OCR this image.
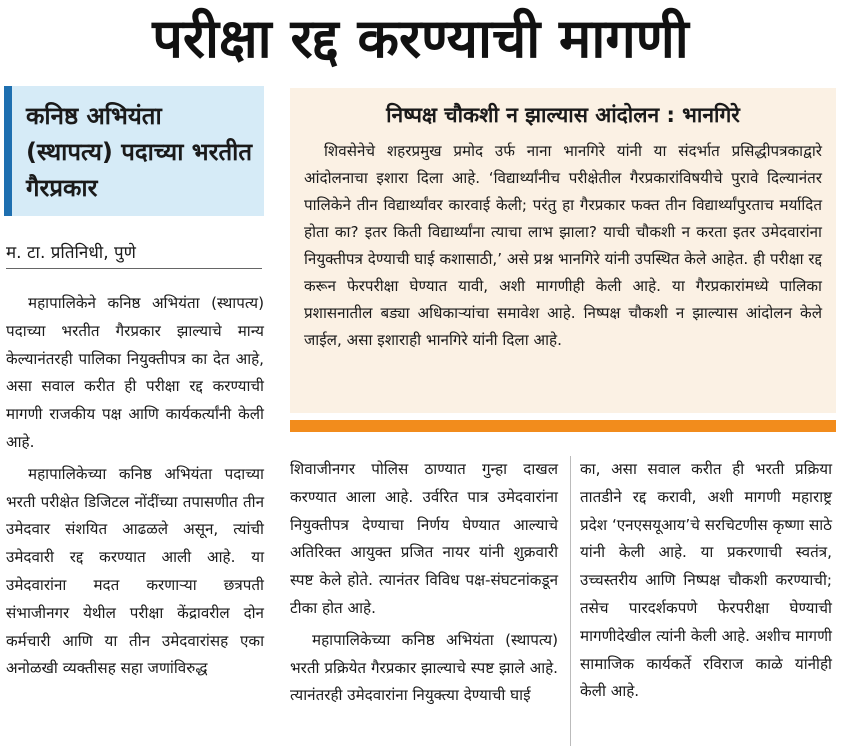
परीक्षा रद्द करण्याची मागणी
कनिष्ठ अभियंता (स्थापत्य) पदाच्या भरतीत गैरप्रकार
म. टा. प्रतिनिधी, पुणे

महापालिकेने कनिष्ठ अभियंता (स्थापत्य) पदाच्या भरतीत गैरप्रकार झाल्याचे मान्य केल्यानंतरही पालिका नियुक्तीपत्र का देत आहे, असा सवाल करीत ही परीक्षा रद्द करण्याची मागणी राजकीय पक्ष आणि कार्यकर्त्यांनी केली आहे.

महापालिकेच्या कनिष्ठ अभियंता पदाच्या भरती परीक्षेत डिजिटल नोंदींच्या तपासणीत तीन उमेदवार संशयित आढळले असून, त्यांची उमेदवारी रद्द करण्यात आली आहे. या उमेदवारांना मदत करणाऱ्या छत्रपती संभाजीनगर येथील परीक्षा केंद्रावरील दोन कर्मचारी आणि या तीन उमेदवारांसह एका अनोळखी व्यक्तीसह सहा जणांविरुद्ध

निष्पक्ष चौकशी न झाल्यास आंदोलन : भानगिरे

शिवसेनेचे शहरप्रमुख प्रमोद उर्फ नाना भानगिरे यांनी या संदर्भात प्रसिद्धीपत्रकाद्वारे आंदोलनाचा इशारा दिला आहे. ‘विद्यार्थ्यांनीच परीक्षेतील गैरप्रकारांविषयीचे पुरावे दिल्यानंतर पालिकेने तीन विद्यार्थ्यांवर कारवाई केली; परंतु हा गैरप्रकार फक्त तीन विद्यार्थ्यांपुरताच मर्यादित होता का? इतर किती विद्यार्थ्यांना त्याचा लाभ झाला? याची चौकशी न करता इतर उमेदवारांना नियुक्तीपत्र देण्याची घाई कशासाठी,’ असे प्रश्न भानगिरे यांनी उपस्थित केले आहेत. ही परीक्षा रद्द करून फेरपरीक्षा घेण्यात यावी, अशी मागणीही केली आहे. या गैरप्रकारांमध्ये पालिका प्रशासनातील बड्या अधिकाऱ्यांचा समावेश आहे. निष्पक्ष चौकशी न झाल्यास आंदोलन केले जाईल, असा इशाराही भानगिरे यांनी दिला आहे.

शिवाजीनगर पोलिस ठाण्यात गुन्हा दाखल करण्यात आला आहे. उर्वरित पात्र उमेदवारांना नियुक्तीपत्र देण्याचा निर्णय घेण्यात आल्याचे अतिरिक्त आयुक्त प्रजित नायर यांनी शुक्रवारी स्पष्ट केले होते. त्यानंतर विविध पक्ष-संघटनांकडून टीका होत आहे.

महापालिकेच्या कनिष्ठ अभियंता (स्थापत्य) भरती प्रक्रियेत गैरप्रकार झाल्याचे स्पष्ट झाले आहे. त्यानंतरही उमेदवारांना नियुक्त्या देण्याची घाई

का, असा सवाल करीत ही भरती प्रक्रिया तातडीने रद्द करावी, अशी मागणी महाराष्ट्र प्रदेश ‘एनएसयूआय’चे सरचिटणीस कृष्णा साठे यांनी केली आहे. या प्रकरणाची स्वतंत्र, उच्चस्तरीय आणि निष्पक्ष चौकशी करण्याची; तसेच पारदर्शकपणे फेरपरीक्षा घेण्याची मागणीदेखील त्यांनी केली आहे. अशीच मागणी सामाजिक कार्यकर्ते रविराज काळे यांनीही केली आहे.
